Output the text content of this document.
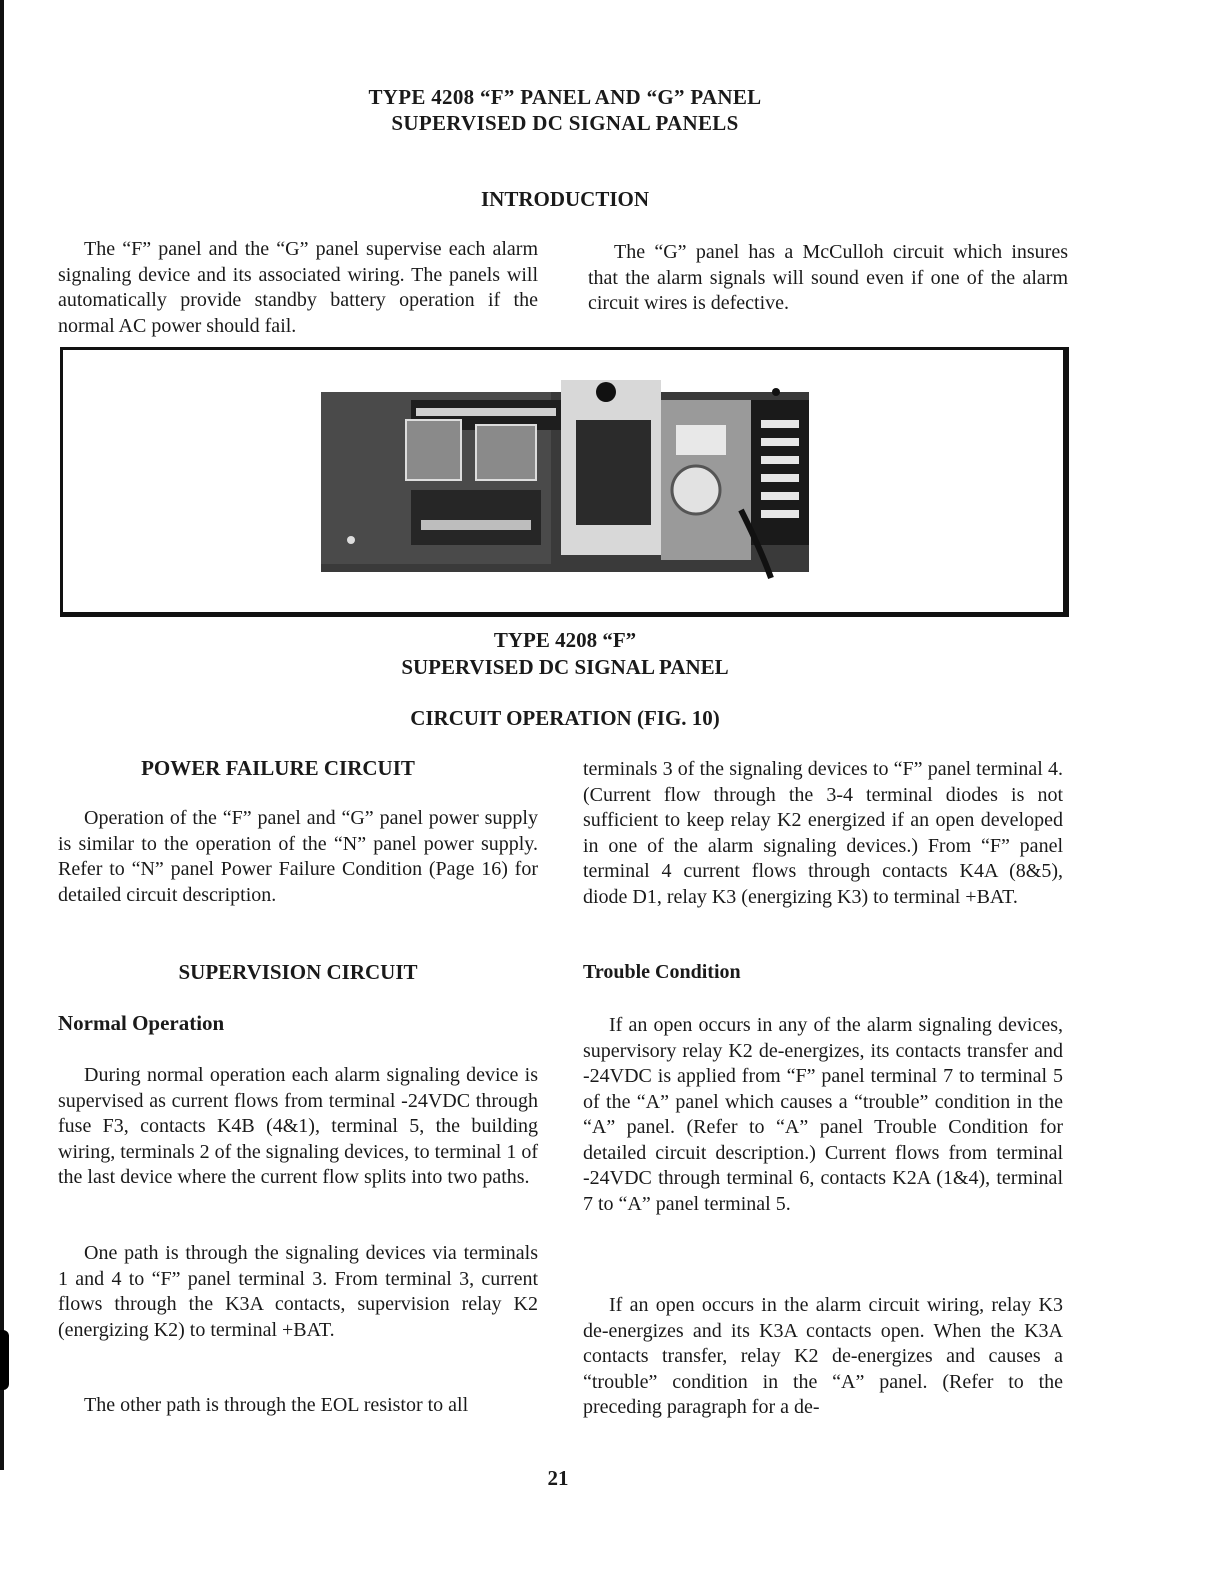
TYPE 4208 “F” PANEL AND “G” PANEL
SUPERVISED DC SIGNAL PANELS
INTRODUCTION

The “F” panel and the “G” panel supervise each alarm signaling device and its associated wiring. The panels will automatically provide standby battery operation if the normal AC power should fail.

The “G” panel has a McCulloh circuit which insures that the alarm signals will sound even if one of the alarm circuit wires is defective.

TYPE 4208 “F”
SUPERVISED DC SIGNAL PANEL
CIRCUIT OPERATION (FIG. 10)
POWER FAILURE CIRCUIT

Operation of the “F” panel and “G” panel power supply is similar to the operation of the “N” panel power supply. Refer to “N” panel Power Failure Condition (Page 16) for detailed circuit description.

SUPERVISION CIRCUIT
Normal Operation

During normal operation each alarm signaling device is supervised as current flows from terminal -24VDC through fuse F3, contacts K4B (4&1), terminal 5, the building wiring, terminals 2 of the signaling devices, to terminal 1 of the last device where the current flow splits into two paths.

One path is through the signaling devices via terminals 1 and 4 to “F” panel terminal 3. From terminal 3, current flows through the K3A contacts, supervision relay K2 (energizing K2) to terminal +BAT.

The other path is through the EOL resistor to all

terminals 3 of the signaling devices to “F” panel terminal 4. (Current flow through the 3-4 terminal diodes is not sufficient to keep relay K2 energized if an open developed in one of the alarm signaling devices.) From “F” panel terminal 4 current flows through contacts K4A (8&5), diode D1, relay K3 (energizing K3) to terminal +BAT.

Trouble Condition

If an open occurs in any of the alarm signaling devices, supervisory relay K2 de-energizes, its contacts transfer and -24VDC is applied from “F” panel terminal 7 to terminal 5 of the “A” panel which causes a “trouble” condition in the “A” panel. (Refer to “A” panel Trouble Condition for detailed circuit description.) Current flows from terminal -24VDC through terminal 6, contacts K2A (1&4), terminal 7 to “A” panel terminal 5.

If an open occurs in the alarm circuit wiring, relay K3 de-energizes and its K3A contacts open. When the K3A contacts transfer, relay K2 de-energizes and causes a “trouble” condition in the “A” panel. (Refer to the preceding paragraph for a de-

21
